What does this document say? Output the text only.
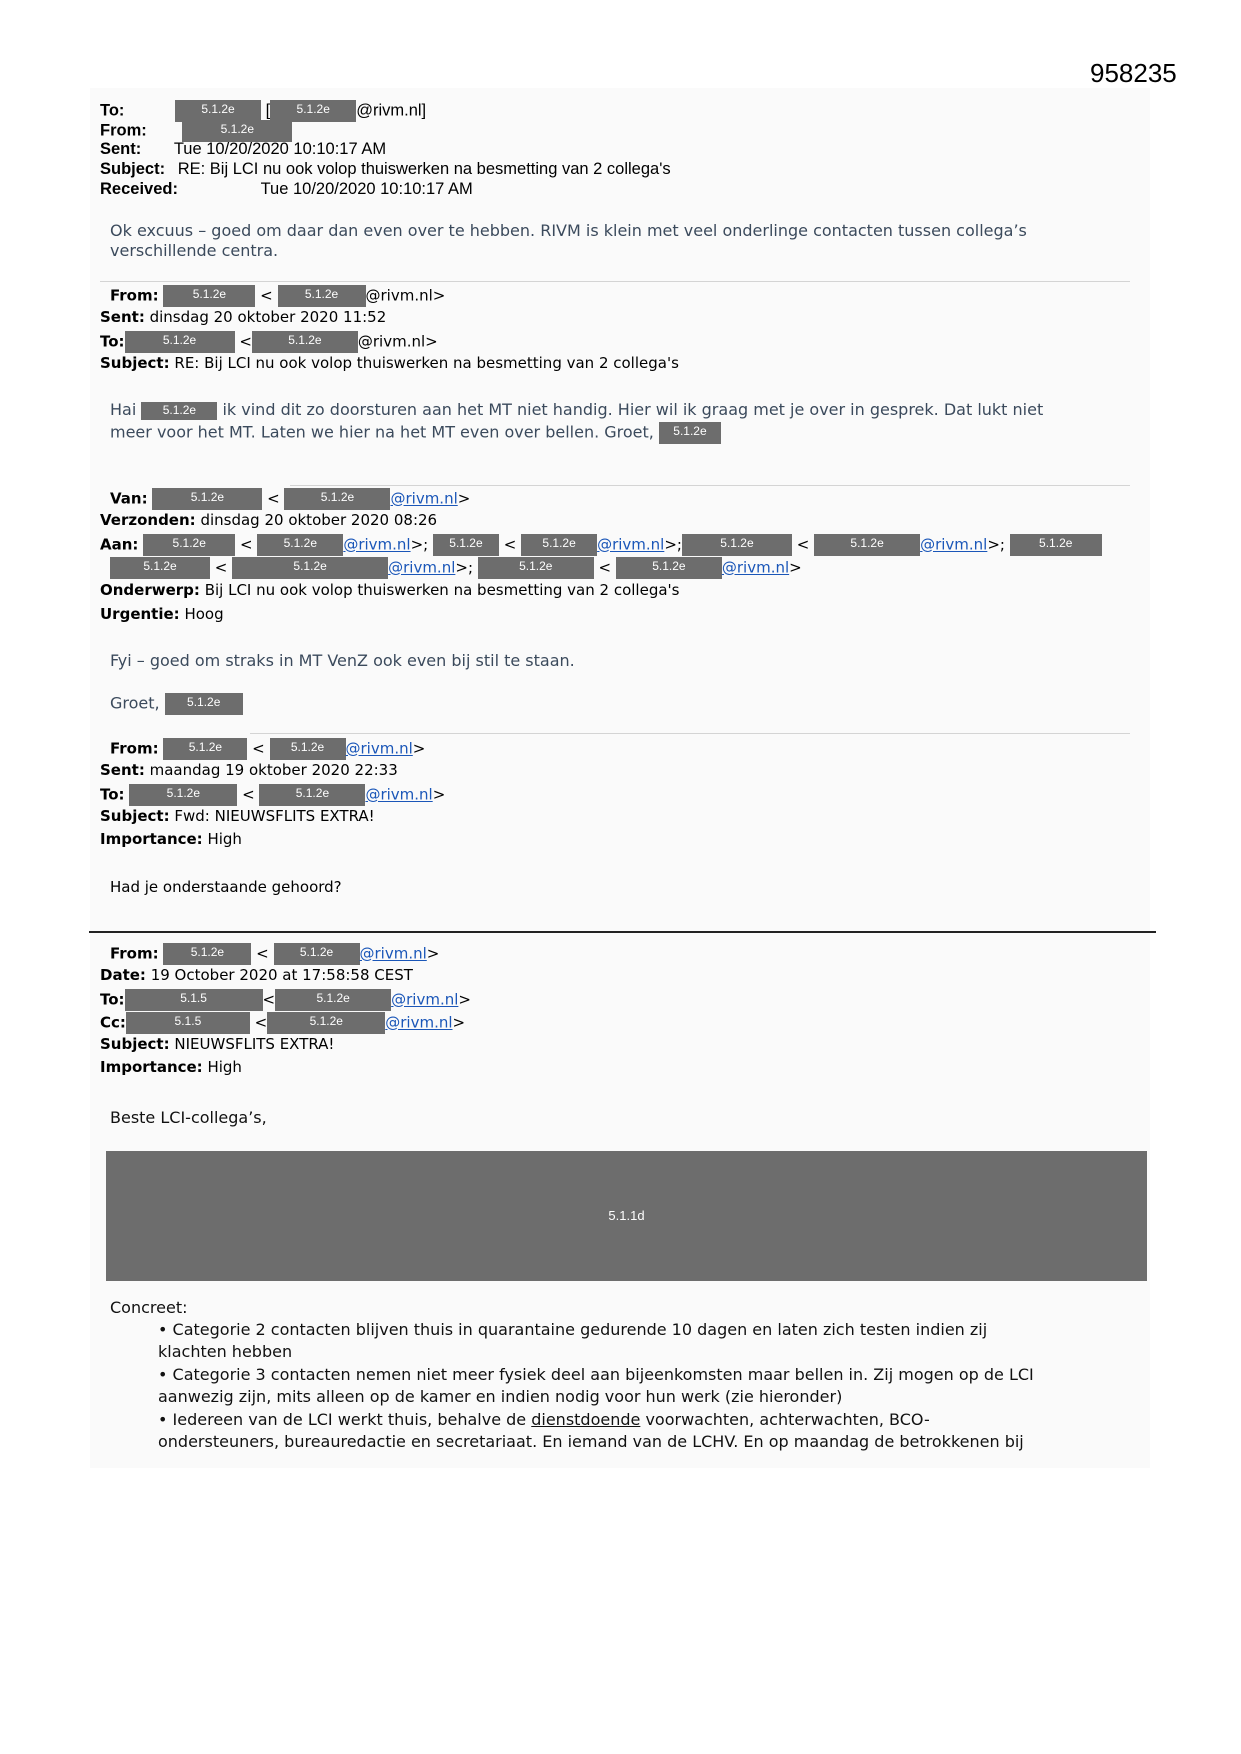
958235
To:	5.1.2e [ 5.1.2e @rivm.nl]
From:	5.1.2e
Sent: Tue 10/20/2020 10:10:17 AM
Subject: RE: Bij LCI nu ook volop thuiswerken na besmetting van 2 collega's
Received:	Tue 10/20/2020 10:10:17 AM
Ok excuus – goed om daar dan even over te hebben. RIVM is klein met veel onderlinge contacten tussen collega’s
verschillende centra.
From:	5.1.2e < 5.1.2e @rivm.nl>
Sent: dinsdag 20 oktober 2020 11:52
To:	5.1.2e	<	5.1.2e @rivm.nl>
Subject: RE: Bij LCI nu ook volop thuiswerken na besmetting van 2 collega's
Hai 5.1.2e ik vind dit zo doorsturen aan het MT niet handig. Hier wil ik graag met je over in gesprek. Dat lukt niet
meer voor het MT. Laten we hier na het MT even over bellen. Groet, 5.1.2e
Van:	5.1.2e	<	5.1.2e @rivm.nl>
Verzonden: dinsdag 20 oktober 2020 08:26
Aan:	5.1.2e < 5.1.2e @rivm.nl>; 5.1.2e < 5.1.2e @rivm.nl>;	5.1.2e	<	5.1.2e @rivm.nl>; 5.1.2e
5.1.2e <	5.1.2e	@rivm.nl>;	5.1.2e	<	5.1.2e @rivm.nl>
Onderwerp: Bij LCI nu ook volop thuiswerken na besmetting van 2 collega's
Urgentie: Hoog
Fyi – goed om straks in MT VenZ ook even bij stil te staan.
Groet, 5.1.2e
From:	5.1.2e < 5.1.2e @rivm.nl>
Sent: maandag 19 oktober 2020 22:33
To:	5.1.2e <	5.1.2e @rivm.nl>
Subject: Fwd: NIEUWSFLITS EXTRA!
Importance: High
Had je onderstaande gehoord?
From:	5.1.2e < 5.1.2e @rivm.nl>
Date: 19 October 2020 at 17:58:58 CEST
To:	5.1.5	<	5.1.2e	@rivm.nl>
Cc:	5.1.5	<	5.1.2e	@rivm.nl>
Subject: NIEUWSFLITS EXTRA!
Importance: High
Beste LCI-collega’s,
5.1.1d
Concreet:
• Categorie 2 contacten blijven thuis in quarantaine gedurende 10 dagen en laten zich testen indien zij
klachten hebben
• Categorie 3 contacten nemen niet meer fysiek deel aan bijeenkomsten maar bellen in. Zij mogen op de LCI
aanwezig zijn, mits alleen op de kamer en indien nodig voor hun werk (zie hieronder)
• Iedereen van de LCI werkt thuis, behalve de dienstdoende voorwachten, achterwachten, BCO-
ondersteuners, bureauredactie en secretariaat. En iemand van de LCHV. En op maandag de betrokkenen bij
